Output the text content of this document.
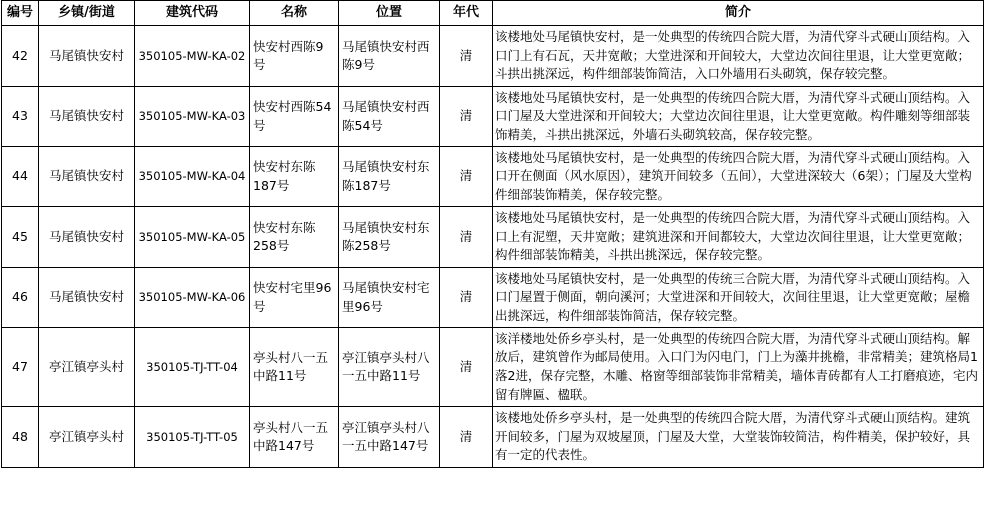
编号	乡镇/街道	建筑代码	名称	位置	年代	简介
42	马尾镇快安村	350105-MW-KA-02	快安村西陈9号	马尾镇快安村西陈9号	清	该楼地处马尾镇快安村，是一处典型的传统四合院大厝，为清代穿斗式硬山顶结构。入口门上有石瓦，天井宽敞；大堂进深和开间较大，大堂边次间往里退，让大堂更宽敞；斗拱出挑深远，构件细部装饰简洁，入口外墙用石头砌筑，保存较完整。
43	马尾镇快安村	350105-MW-KA-03	快安村西陈54号	马尾镇快安村西陈54号	清	该楼地处马尾镇快安村，是一处典型的传统四合院大厝，为清代穿斗式硬山顶结构。入口门屋及大堂进深和开间较大；大堂边次间往里退，让大堂更宽敞。构件雕刻等细部装饰精美，斗拱出挑深远，外墙石头砌筑较高，保存较完整。
44	马尾镇快安村	350105-MW-KA-04	快安村东陈187号	马尾镇快安村东陈187号	清	该楼地处马尾镇快安村，是一处典型的传统四合院大厝，为清代穿斗式硬山顶结构。入口开在侧面（风水原因），建筑开间较多（五间），大堂进深较大（6架）；门屋及大堂构件细部装饰精美，保存较完整。
45	马尾镇快安村	350105-MW-KA-05	快安村东陈258号	马尾镇快安村东陈258号	清	该楼地处马尾镇快安村，是一处典型的传统四合院大厝，为清代穿斗式硬山顶结构。入口上有泥塑，天井宽敞；建筑进深和开间都较大，大堂边次间往里退，让大堂更宽敞；构件细部装饰精美，斗拱出挑深远，保存较完整。
46	马尾镇快安村	350105-MW-KA-06	快安村宅里96号	马尾镇快安村宅里96号	清	该楼地处马尾镇快安村，是一处典型的传统三合院大厝，为清代穿斗式硬山顶结构。入口门屋置于侧面，朝向溪河；大堂进深和开间较大，次间往里退，让大堂更宽敞；屋檐出挑深远，构件细部装饰简洁，保存较完整。
47	亭江镇亭头村	350105-TJ-TT-04	亭头村八一五中路11号	亭江镇亭头村八一五中路11号	清	该洋楼地处侨乡亭头村，是一处典型的传统四合院大厝，为清代穿斗式硬山顶结构。解放后，建筑曾作为邮局使用。入口门为闪电门，门上为藻井挑檐，非常精美；建筑格局1落2进，保存完整，木雕、格窗等细部装饰非常精美，墙体青砖都有人工打磨痕迹，宅内留有牌匾、楹联。
48	亭江镇亭头村	350105-TJ-TT-05	亭头村八一五中路147号	亭江镇亭头村八一五中路147号	清	该楼地处侨乡亭头村，是一处典型的传统四合院大厝，为清代穿斗式硬山顶结构。建筑开间较多，门屋为双坡屋顶，门屋及大堂，大堂装饰较简洁，构件精美，保护较好，具有一定的代表性。
